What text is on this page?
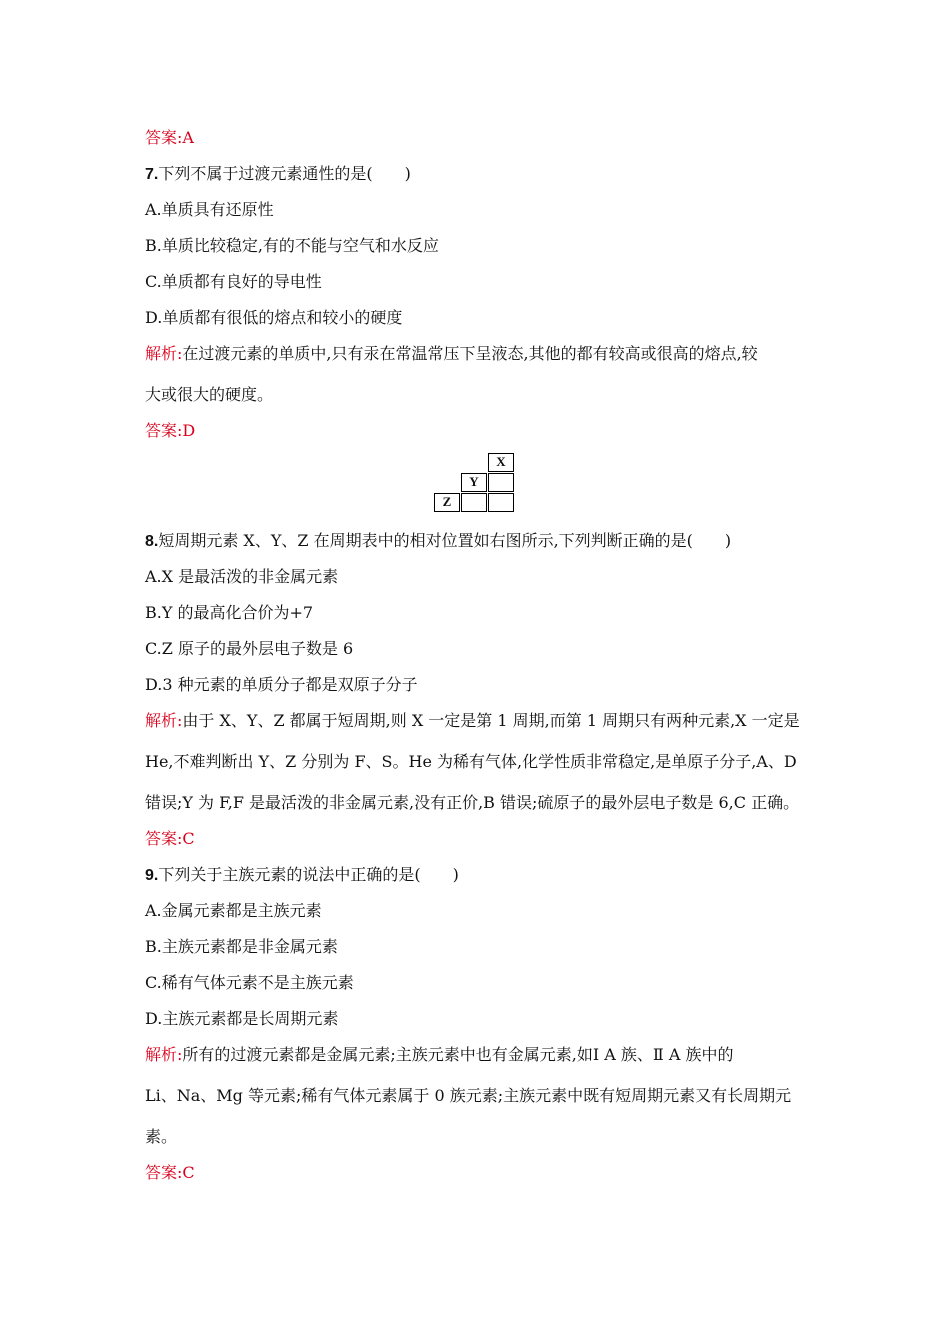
答案:A
7.下列不属于过渡元素通性的是(　　)
A.单质具有还原性
B.单质比较稳定,有的不能与空气和水反应
C.单质都有良好的导电性
D.单质都有很低的熔点和较小的硬度
解析:在过渡元素的单质中,只有汞在常温常压下呈液态,其他的都有较高或很高的熔点,较
大或很大的硬度。
答案:D
X
Y
Z
8.短周期元素 X、Y、Z 在周期表中的相对位置如右图所示,下列判断正确的是(　　)
A.X 是最活泼的非金属元素
B.Y 的最高化合价为+7
C.Z 原子的最外层电子数是 6
D.3 种元素的单质分子都是双原子分子
解析:由于 X、Y、Z 都属于短周期,则 X 一定是第 1 周期,而第 1 周期只有两种元素,X 一定是
He,不难判断出 Y、Z 分别为 F、S。He 为稀有气体,化学性质非常稳定,是单原子分子,A、D
错误;Y 为 F,F 是最活泼的非金属元素,没有正价,B 错误;硫原子的最外层电子数是 6,C 正确。
答案:C
9.下列关于主族元素的说法中正确的是(　　)
A.金属元素都是主族元素
B.主族元素都是非金属元素
C.稀有气体元素不是主族元素
D.主族元素都是长周期元素
解析:所有的过渡元素都是金属元素;主族元素中也有金属元素,如Ⅰ A 族、Ⅱ A 族中的
Li、Na、Mg 等元素;稀有气体元素属于 0 族元素;主族元素中既有短周期元素又有长周期元
素。
答案:C
